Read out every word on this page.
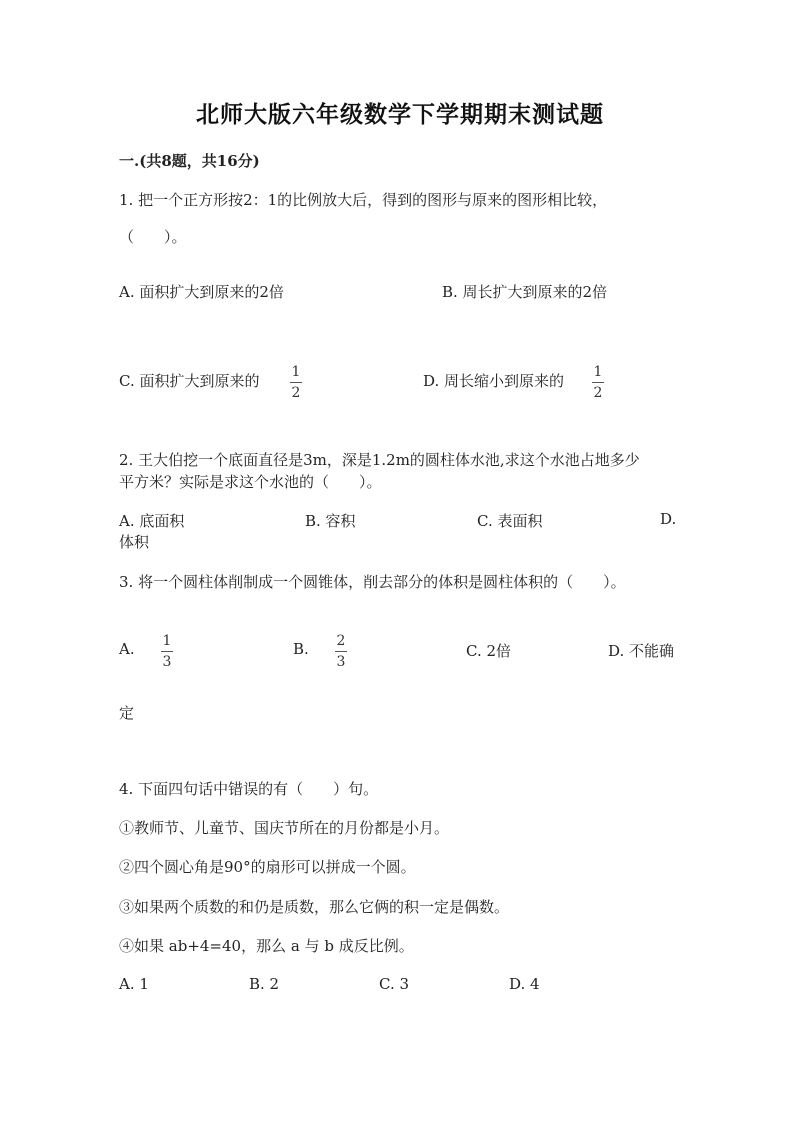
北师大版六年级数学下学期期末测试题
一.(共8题，共16分)
1. 把一个正方形按2：1的比例放大后，得到的图形与原来的图形相比较，
（　　）。
A. 面积扩大到原来的2倍	B. 周长扩大到原来的2倍
C. 面积扩大到原来的 1
2
D. 周长缩小到原来的 1
2
2. 王大伯挖一个底面直径是3m，深是1.2m的圆柱体水池,求这个水池占地多少
平方米？实际是求这个水池的（　　）。
A. 底面积	B. 容积	C. 表面积	D.
体积
3. 将一个圆柱体削制成一个圆锥体，削去部分的体积是圆柱体积的（　　）。
A. 1
3
B. 2
3
C. 2倍	D. 不能确
定
4. 下面四句话中错误的有（　　）句。
①教师节、儿童节、国庆节所在的月份都是小月。
②四个圆心角是90°的扇形可以拼成一个圆。
③如果两个质数的和仍是质数，那么它俩的积一定是偶数。
④如果 ab+4=40，那么 a 与 b 成反比例。
A. 1	B. 2	C. 3	D. 4
